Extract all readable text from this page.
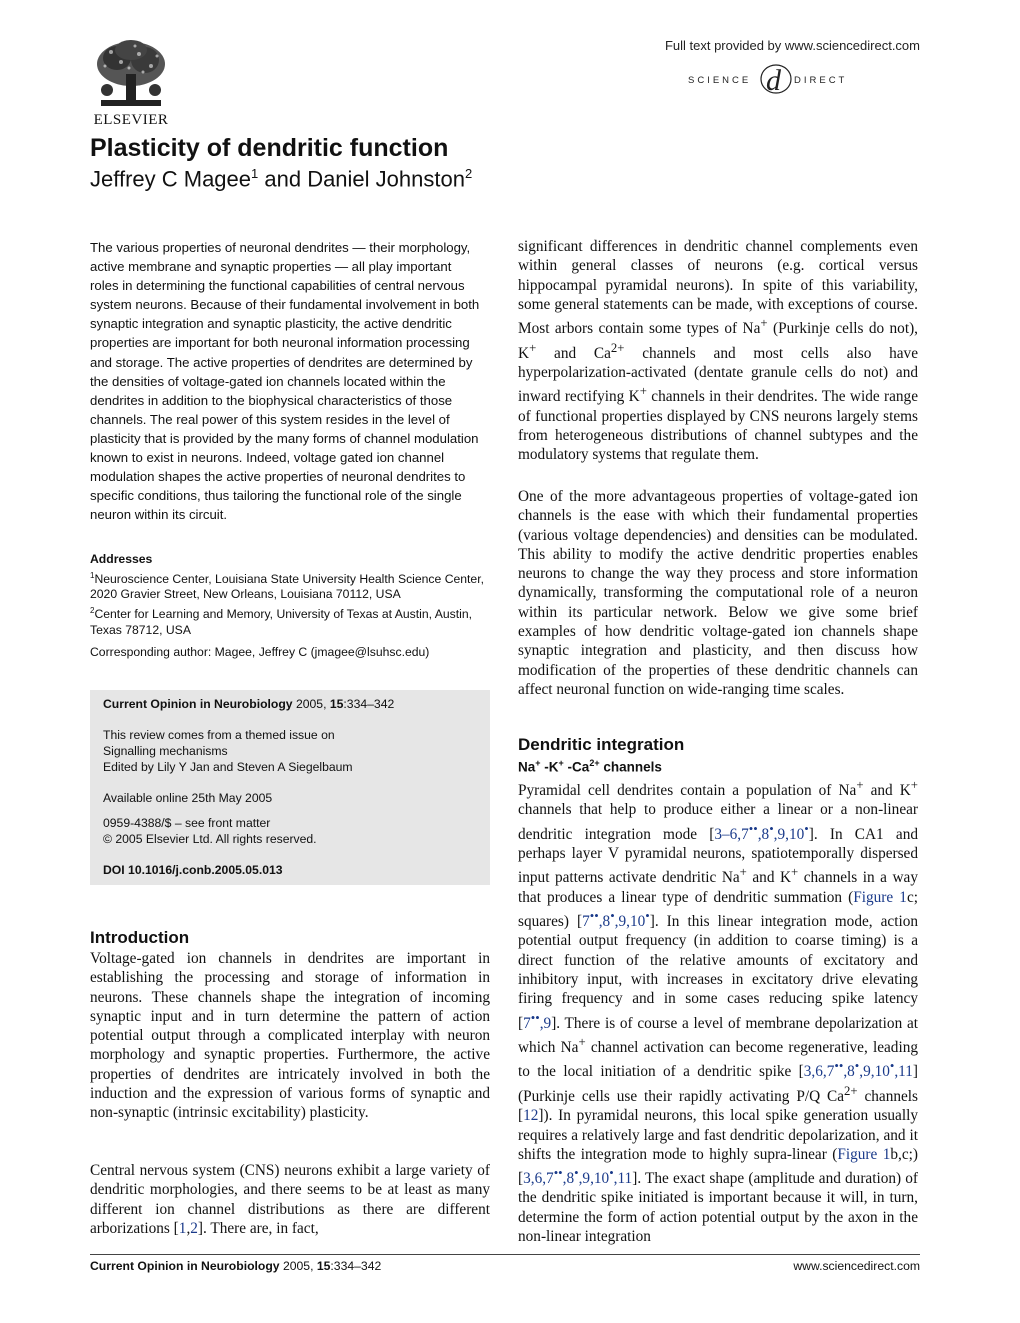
ELSEVIER
Full text provided by www.sciencedirect.com
SCIENCE d DIRECT
Plasticity of dendritic function
Jeffrey C Magee$^1$ and Daniel Johnston$^2$

The various properties of neuronal dendrites — their morphology, active membrane and synaptic properties — all play important roles in determining the functional capabilities of central nervous system neurons. Because of their fundamental involvement in both synaptic integration and synaptic plasticity, the active dendritic properties are important for both neuronal information processing and storage. The active properties of dendrites are determined by the densities of voltage-gated ion channels located within the dendrites in addition to the biophysical characteristics of those channels. The real power of this system resides in the level of plasticity that is provided by the many forms of channel modulation known to exist in neurons. Indeed, voltage gated ion channel modulation shapes the active properties of neuronal dendrites to specific conditions, thus tailoring the functional role of the single neuron within its circuit.

Addresses
$^1$Neuroscience Center, Louisiana State University Health Science Center, 2020 Gravier Street, New Orleans, Louisiana 70112, USA
$^2$Center for Learning and Memory, University of Texas at Austin, Austin, Texas 78712, USA
Corresponding author: Magee, Jeffrey C (jmagee@lsuhsc.edu)
Current Opinion in Neurobiology 2005, 15:334–342
This review comes from a themed issue on
Signalling mechanisms
Edited by Lily Y Jan and Steven A Siegelbaum
Available online 25th May 2005
0959-4388/$ – see front matter
© 2005 Elsevier Ltd. All rights reserved.
DOI 10.1016/j.conb.2005.05.013
Introduction

Voltage-gated ion channels in dendrites are important in establishing the processing and storage of information in neurons. These channels shape the integration of incoming synaptic input and in turn determine the pattern of action potential output through a complicated interplay with neuron morphology and synaptic properties. Furthermore, the active properties of dendrites are intricately involved in both the induction and the expression of various forms of synaptic and non-synaptic (intrinsic excitability) plasticity.

Central nervous system (CNS) neurons exhibit a large variety of dendritic morphologies, and there seems to be at least as many different ion channel distributions as there are different arborizations [1,2]. There are, in fact,

significant differences in dendritic channel complements even within general classes of neurons (e.g. cortical versus hippocampal pyramidal neurons). In spite of this variability, some general statements can be made, with exceptions of course. Most arbors contain some types of Na+ (Purkinje cells do not), K+ and $Ca^{2+}$ channels and most cells also have hyperpolarization-activated (dentate granule cells do not) and inward rectifying K+ channels in their dendrites. The wide range of functional properties displayed by CNS neurons largely stems from heterogeneous distributions of channel subtypes and the modulatory systems that regulate them.

One of the more advantageous properties of voltage-gated ion channels is the ease with which their fundamental properties (various voltage dependencies) and densities can be modulated. This ability to modify the active dendritic properties enables neurons to change the way they process and store information dynamically, transforming the computational role of a neuron within its particular network. Below we give some brief examples of how dendritic voltage-gated ion channels shape synaptic integration and plasticity, and then discuss how modification of the properties of these dendritic channels can affect neuronal function on wide-ranging time scales.

Dendritic integration
Na+ -K+ $-Ca^{2+}$ channels

Pyramidal cell dendrites contain a population of Na+ and K+ channels that help to produce either a linear or a non-linear dendritic integration mode [3–6,7••,8•,9,10•]. In CA1 and perhaps layer V pyramidal neurons, spatiotemporally dispersed input patterns activate dendritic Na+ and K+ channels in a way that produces a linear type of dendritic summation (Figure 1c; squares) [7••,8•,9,10•]. In this linear integration mode, action potential output frequency (in addition to coarse timing) is a direct function of the relative amounts of excitatory and inhibitory input, with increases in excitatory drive elevating firing frequency and in some cases reducing spike latency [7••,9]. There is of course a level of membrane depolarization at which Na+ channel activation can become regenerative, leading to the local initiation of a dendritic spike [3,6,7••,8•,9,10•,11] (Purkinje cells use their rapidly activating P/Q $Ca^{2+}$ channels [12]). In pyramidal neurons, this local spike generation usually requires a relatively large and fast dendritic depolarization, and it shifts the integration mode to highly supra-linear (Figure 1b,c;) [3,6,7••,8•,9,10•,11]. The exact shape (amplitude and duration) of the dendritic spike initiated is important because it will, in turn, determine the form of action potential output by the axon in the non-linear integration

Current Opinion in Neurobiology 2005, 15:334–342	www.sciencedirect.com
